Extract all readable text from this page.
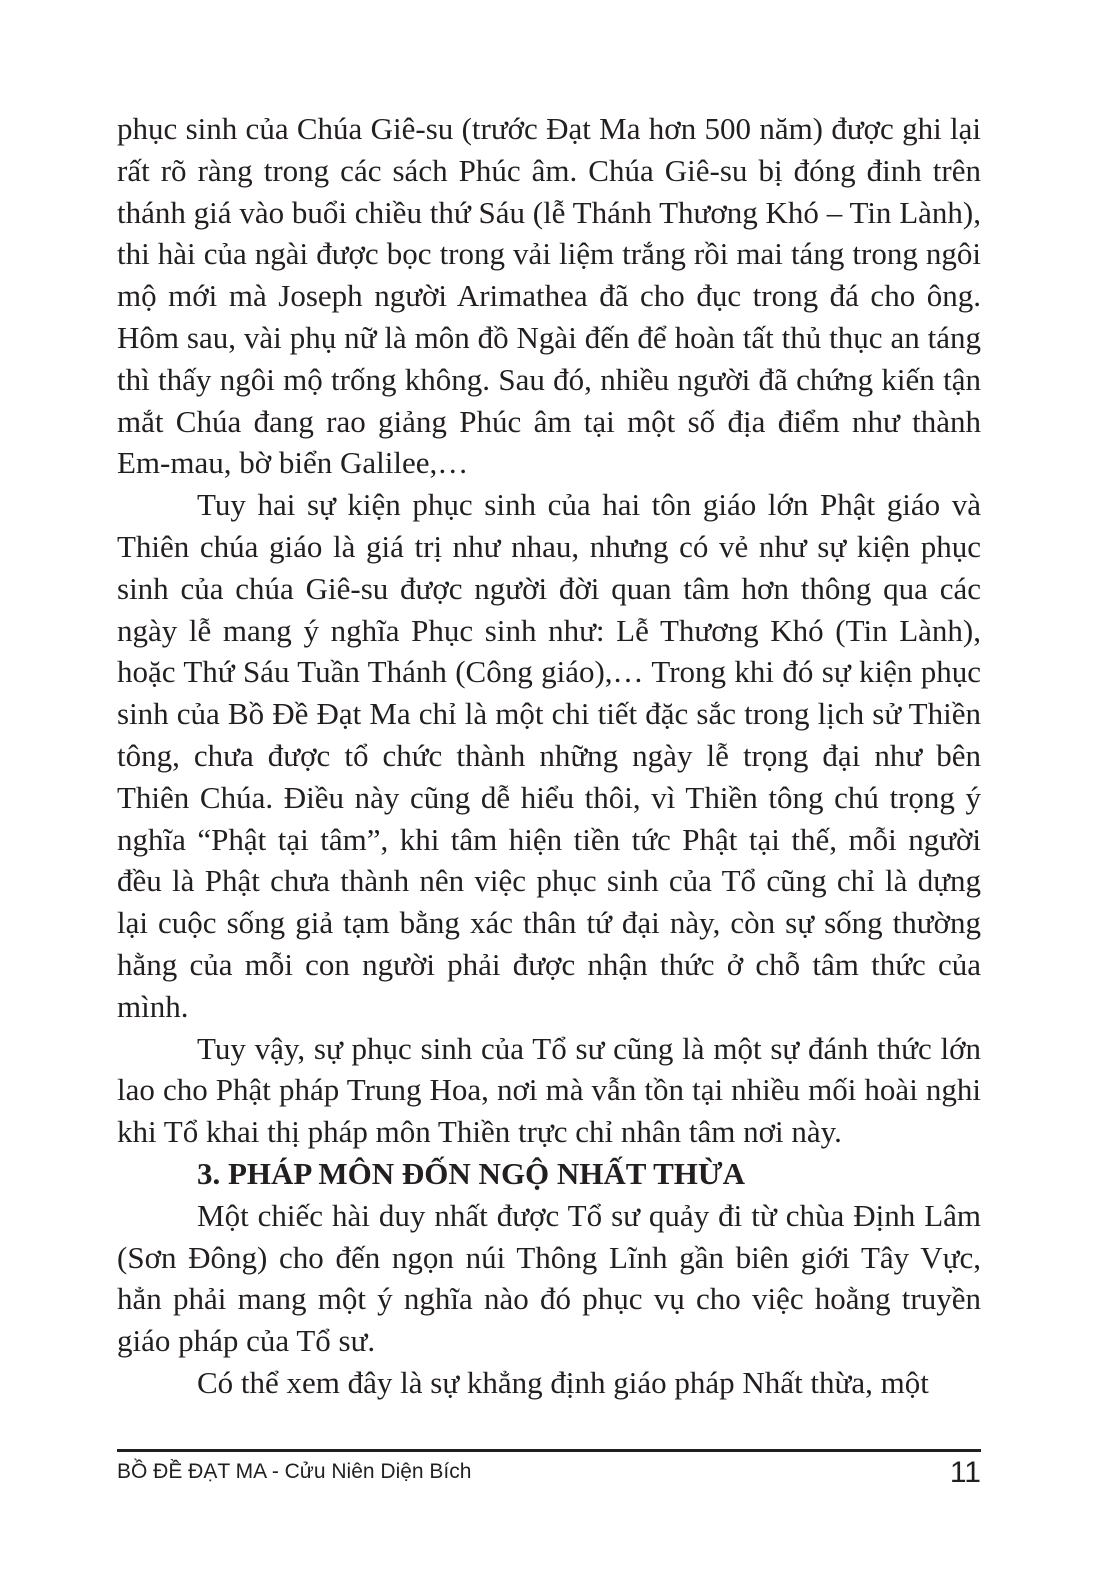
phục sinh của Chúa Giê-su (trước Đạt Ma hơn 500 năm) được ghi lại rất rõ ràng trong các sách Phúc âm. Chúa Giê-su bị đóng đinh trên thánh giá vào buổi chiều thứ Sáu (lễ Thánh Thương Khó – Tin Lành), thi hài của ngài được bọc trong vải liệm trắng rồi mai táng trong ngôi mộ mới mà Joseph người Arimathea đã cho đục trong đá cho ông. Hôm sau, vài phụ nữ là môn đồ Ngài đến để hoàn tất thủ thục an táng thì thấy ngôi mộ trống không. Sau đó, nhiều người đã chứng kiến tận mắt Chúa đang rao giảng Phúc âm tại một số địa điểm như thành Em-mau, bờ biển Galilee,…

Tuy hai sự kiện phục sinh của hai tôn giáo lớn Phật giáo và Thiên chúa giáo là giá trị như nhau, nhưng có vẻ như sự kiện phục sinh của chúa Giê-su được người đời quan tâm hơn thông qua các ngày lễ mang ý nghĩa Phục sinh như: Lễ Thương Khó (Tin Lành), hoặc Thứ Sáu Tuần Thánh (Công giáo),… Trong khi đó sự kiện phục sinh của Bồ Đề Đạt Ma chỉ là một chi tiết đặc sắc trong lịch sử Thiền tông, chưa được tổ chức thành những ngày lễ trọng đại như bên Thiên Chúa. Điều này cũng dễ hiểu thôi, vì Thiền tông chú trọng ý nghĩa “Phật tại tâm”, khi tâm hiện tiền tức Phật tại thế, mỗi người đều là Phật chưa thành nên việc phục sinh của Tổ cũng chỉ là dựng lại cuộc sống giả tạm bằng xác thân tứ đại này, còn sự sống thường hằng của mỗi con người phải được nhận thức ở chỗ tâm thức của mình.

Tuy vậy, sự phục sinh của Tổ sư cũng là một sự đánh thức lớn lao cho Phật pháp Trung Hoa, nơi mà vẫn tồn tại nhiều mối hoài nghi khi Tổ khai thị pháp môn Thiền trực chỉ nhân tâm nơi này.

3. PHÁP MÔN ĐỐN NGỘ NHẤT THỪA

Một chiếc hài duy nhất được Tổ sư quảy đi từ chùa Định Lâm (Sơn Đông) cho đến ngọn núi Thông Lĩnh gần biên giới Tây Vực, hẳn phải mang một ý nghĩa nào đó phục vụ cho việc hoằng truyền giáo pháp của Tổ sư.

Có thể xem đây là sự khẳng định giáo pháp Nhất thừa, một

BỒ ĐỀ ĐẠT MA - Cửu Niên Diện Bích	11
